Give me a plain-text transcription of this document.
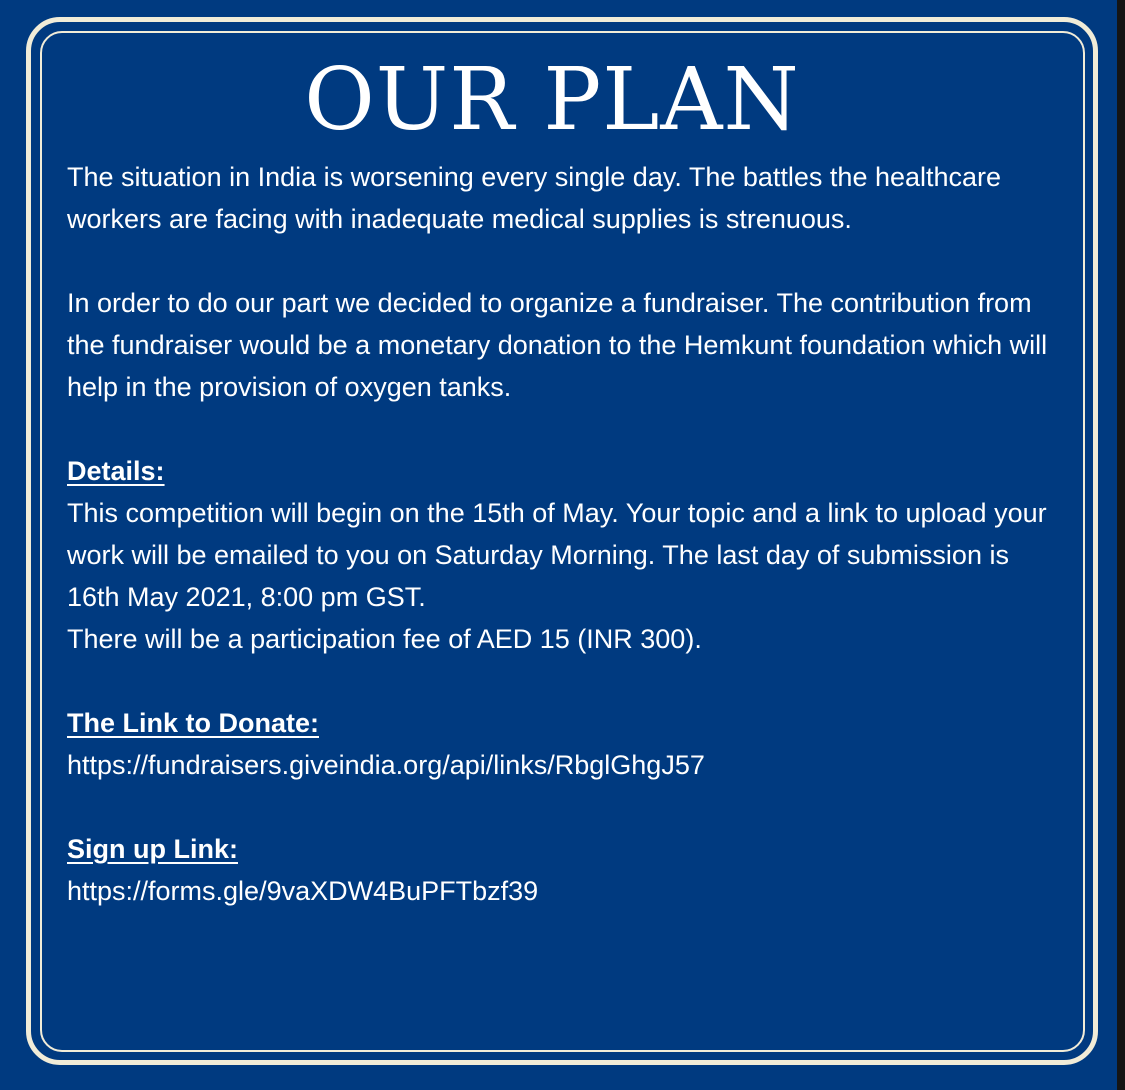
OUR PLAN

The situation in India is worsening every single day. The battles the healthcare workers are facing with inadequate medical supplies is strenuous.

In order to do our part we decided to organize a fundraiser. The contribution from the fundraiser would be a monetary donation to the Hemkunt foundation which will help in the provision of oxygen tanks.

Details:

This competition will begin on the 15th of May. Your topic and a link to upload your work will be emailed to you on Saturday Morning. The last day of submission is 16th May 2021, 8:00 pm GST.

There will be a participation fee of AED 15 (INR 300).

The Link to Donate:

https://fundraisers.giveindia.org/api/links/RbglGhgJ57

Sign up Link:

https://forms.gle/9vaXDW4BuPFTbzf39
